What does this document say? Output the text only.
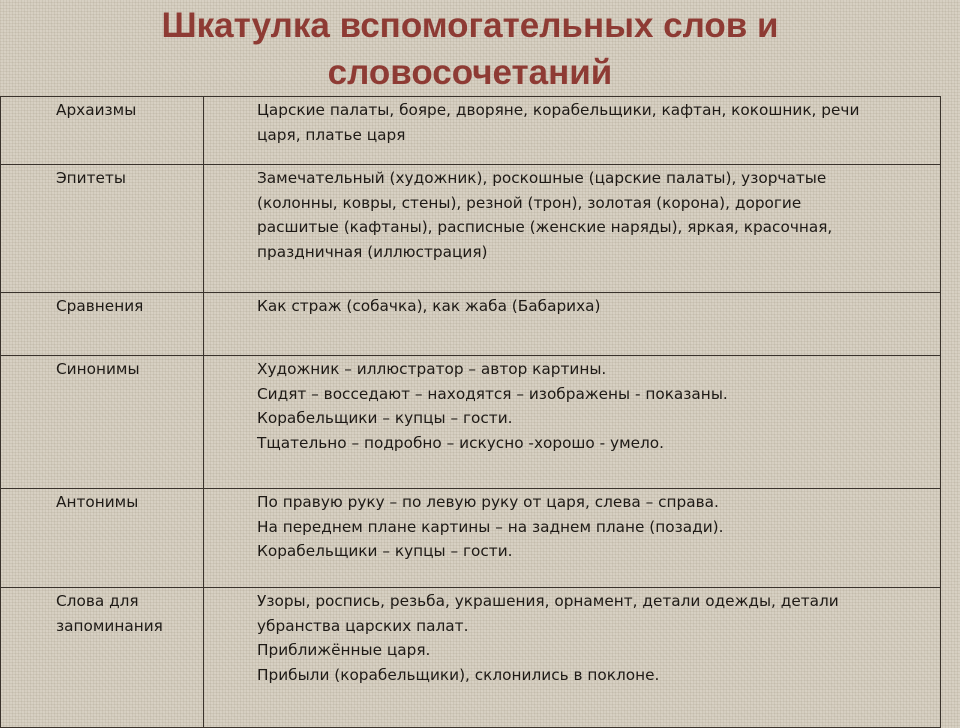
Шкатулка вспомогательных слов и
словосочетаний
Архаизмы	Царские палаты, бояре, дворяне, корабельщики, кафтан, кокошник, речи
царя, платье царя

Эпитеты	Замечательный (художник), роскошные (царские палаты), узорчатые
(колонны, ковры, стены), резной (трон), золотая (корона), дорогие
расшитые (кафтаны), расписные (женские наряды), яркая, красочная,
праздничная (иллюстрация)

Сравнения	Как страж (собачка), как жаба (Бабариха)

Синонимы	Художник – иллюстратор – автор картины.
Сидят – восседают – находятся – изображены - показаны.
Корабельщики – купцы – гости.
Тщательно – подробно – искусно -хорошо - умело.

Антонимы	По правую руку – по левую руку от царя, слева – справа.
На переднем плане картины – на заднем плане (позади).
Корабельщики – купцы – гости.

Слова для
запоминания	Узоры, роспись, резьба, украшения, орнамент, детали одежды, детали
убранства царских палат.
Приближённые царя.
Прибыли (корабельщики), склонились в поклоне.
